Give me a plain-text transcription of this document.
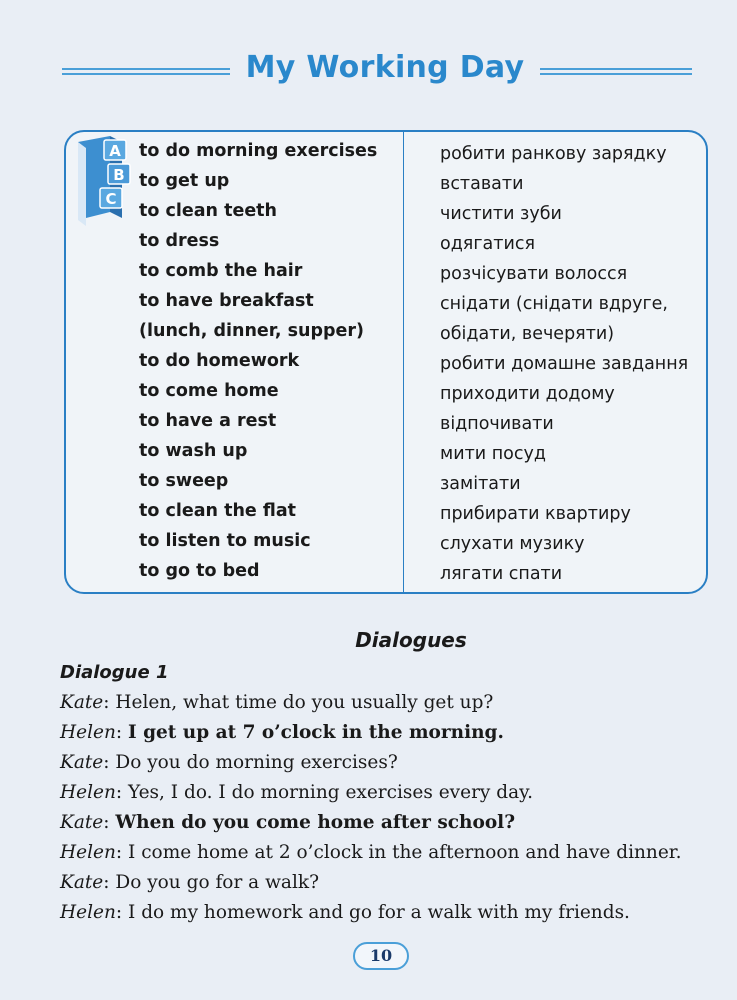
My Working Day
A
B
C
to do morning exercises	робити ранкову зарядку
to get up	вставати
to clean teeth	чистити зуби
to dress	одягатися
to comb the hair	розчісувати волосся
to have breakfast	снідати (снідати вдруге,
(lunch, dinner, supper)	обідати, вечеряти)
to do homework	робити домашне завдання
to come home	приходити додому
to have a rest	відпочивати
to wash up	мити посуд
to sweep	замітати
to clean the flat	прибирати квартиру
to listen to music	слухати музику
to go to bed	лягати спати
Dialogues
Dialogue 1
Kate: Helen, what time do you usually get up?
Helen: I get up at 7 o’clock in the morning.
Kate: Do you do morning exercises?
Helen: Yes, I do. I do morning exercises every day.
Kate: When do you come home after school?
Helen: I come home at 2 o’clock in the afternoon and have dinner.
Kate: Do you go for a walk?
Helen: I do my homework and go for a walk with my friends.
10
